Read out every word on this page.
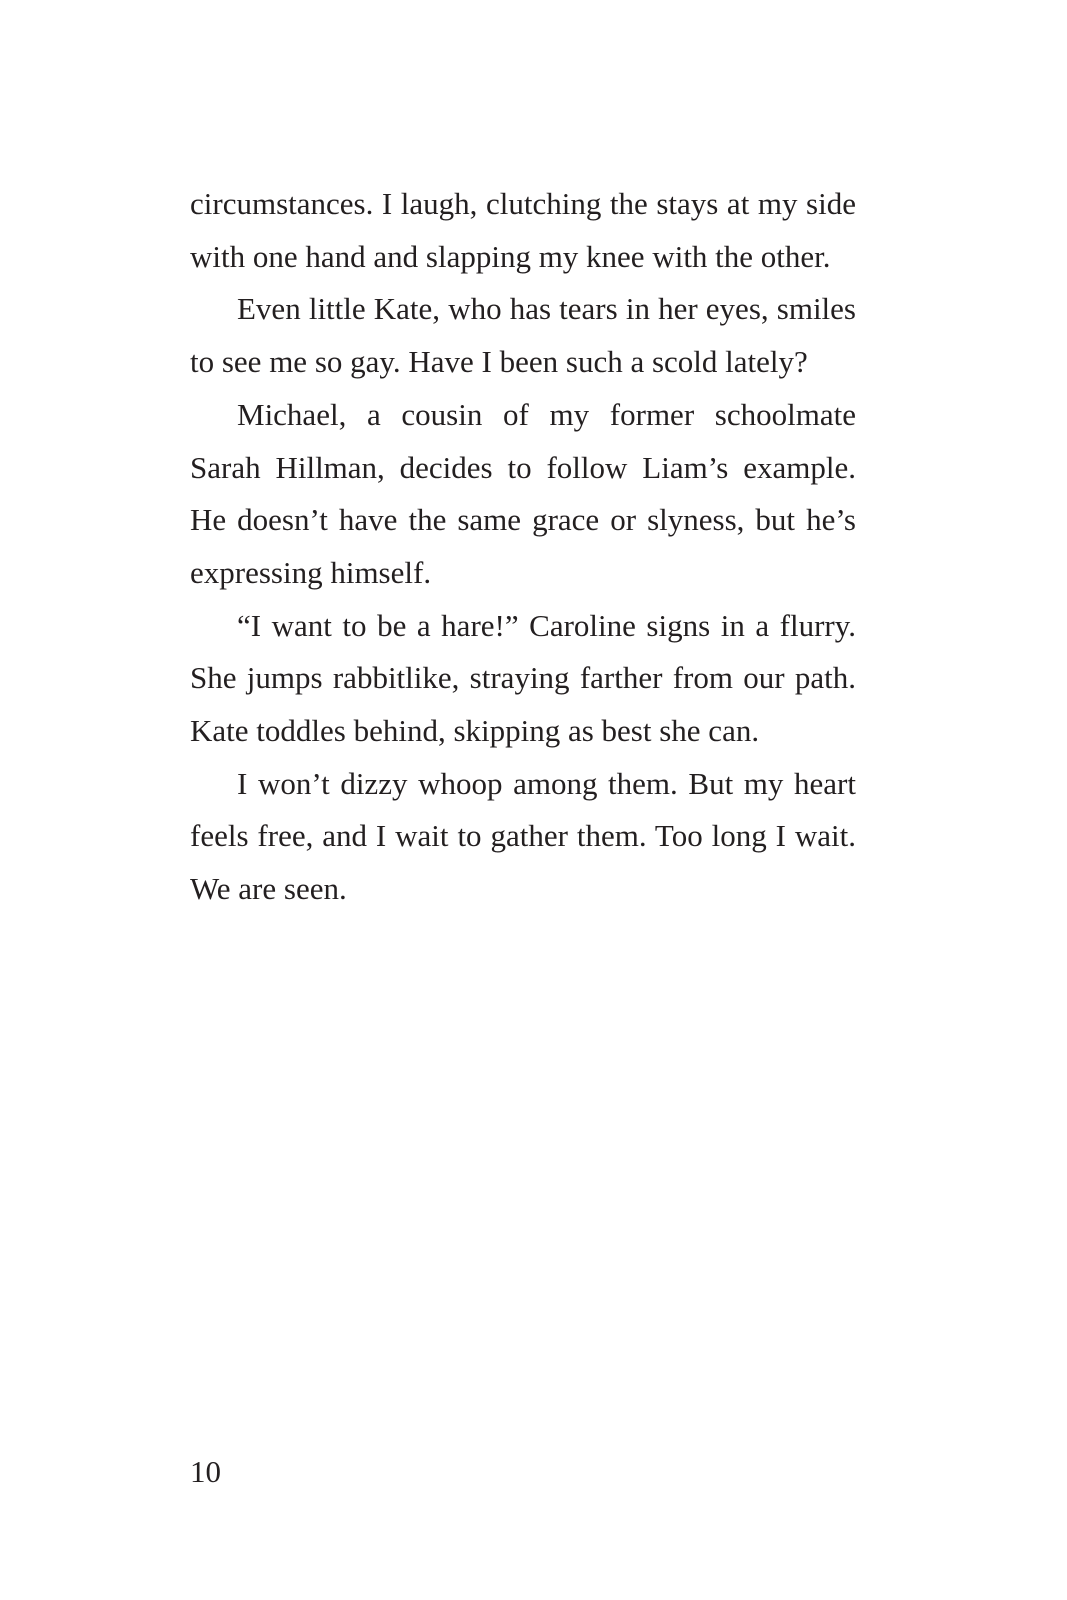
circumstances. I laugh, clutching the stays at my side with one hand and slapping my knee with the other.

Even little Kate, who has tears in her eyes, smiles to see me so gay. Have I been such a scold lately?

Michael, a cousin of my former schoolmate Sarah Hillman, decides to follow Liam’s example. He doesn’t have the same grace or slyness, but he’s expressing himself.

“I want to be a hare!” Caroline signs in a flurry. She jumps rabbitlike, straying farther from our path. Kate toddles behind, skipping as best she can.

I won’t dizzy whoop among them. But my heart feels free, and I wait to gather them. Too long I wait. We are seen.

10
